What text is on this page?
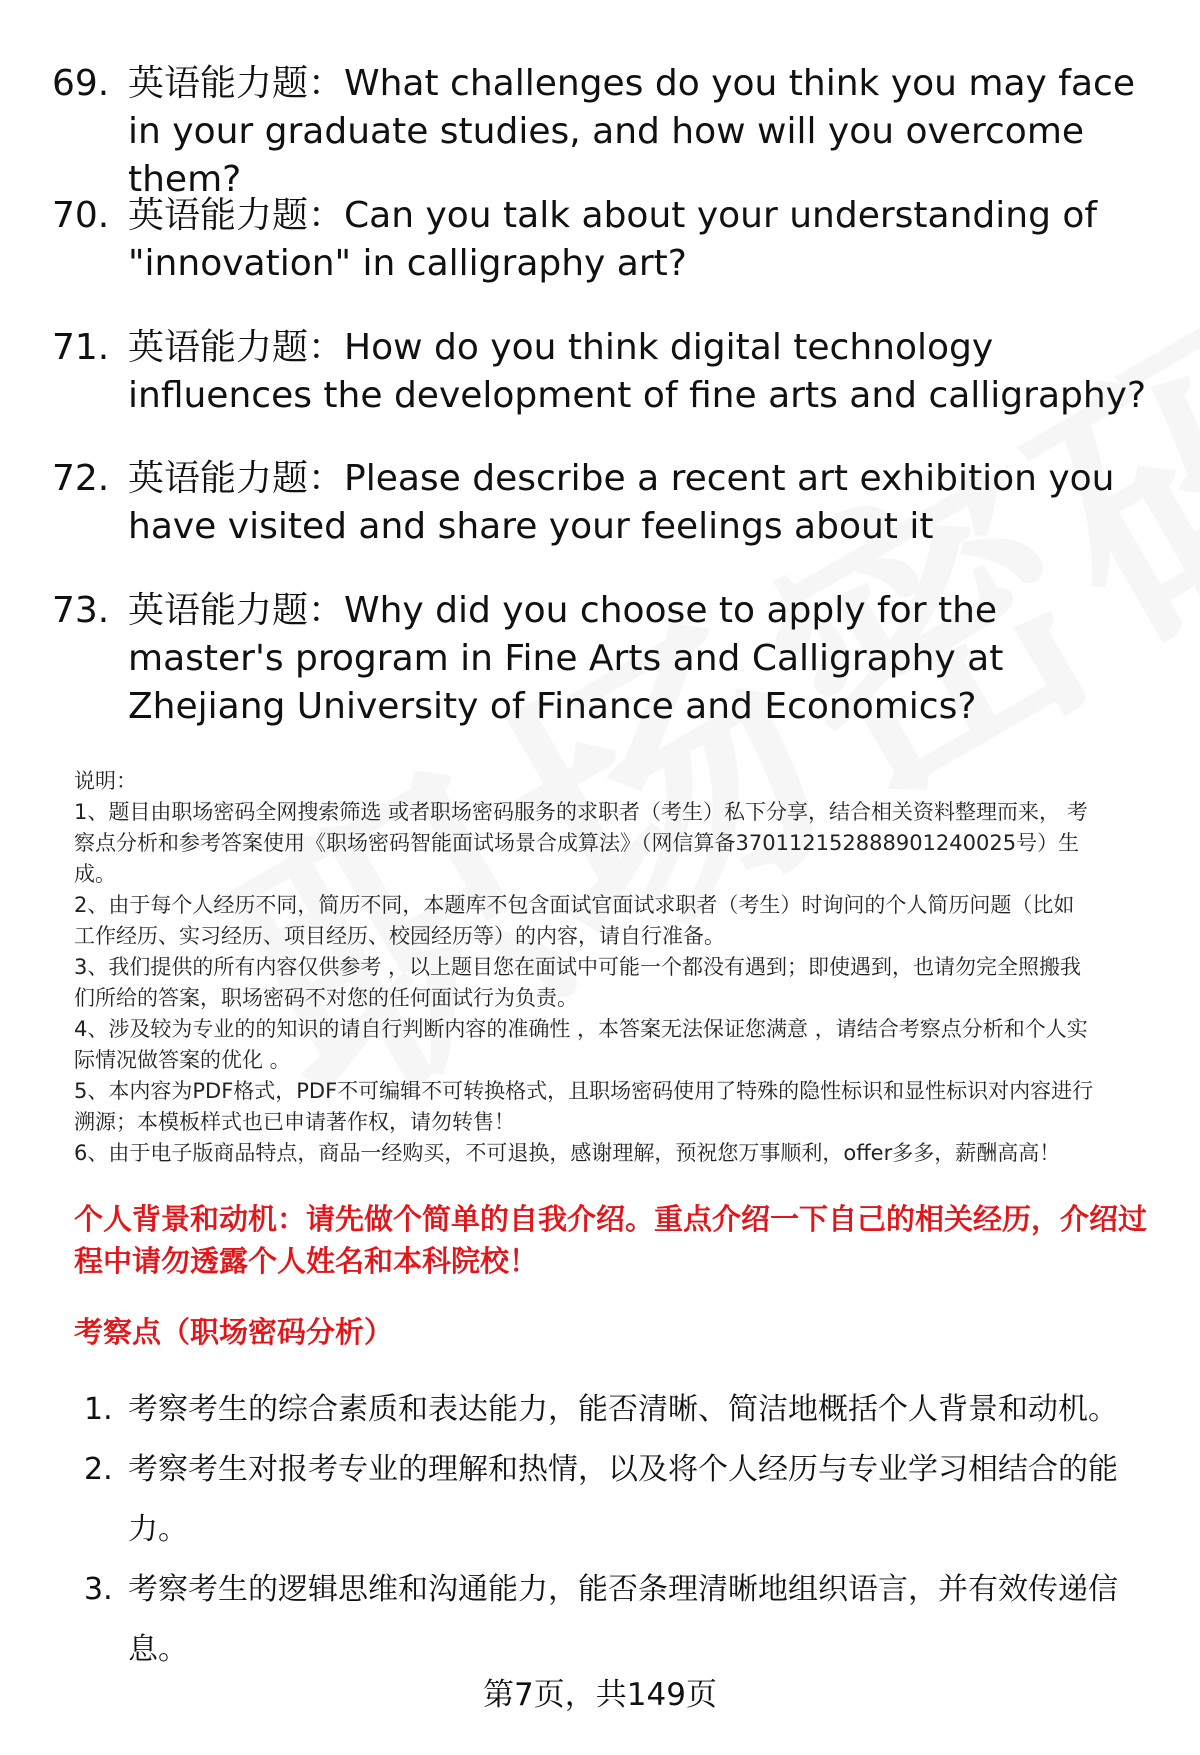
69. 英语能力题：What challenges do you think you may face in your graduate studies, and how will you overcome them?
70. 英语能力题：Can you talk about your understanding of "innovation" in calligraphy art?
71. 英语能力题：How do you think digital technology influences the development of fine arts and calligraphy?
72. 英语能力题：Please describe a recent art exhibition you have visited and share your feelings about it
73. 英语能力题：Why did you choose to apply for the master's program in Fine Arts and Calligraphy at Zhejiang University of Finance and Economics?
说明：
1、题目由职场密码全网搜索筛选 或者职场密码服务的求职者（考生）私下分享，结合相关资料整理而来， 考
察点分析和参考答案使用《职场密码智能面试场景合成算法》（网信算备370112152888901240025号）生
成。
2、由于每个人经历不同，简历不同，本题库不包含面试官面试求职者（考生）时询问的个人简历问题（比如
工作经历、实习经历、项目经历、校园经历等）的内容，请自行准备。
3、我们提供的所有内容仅供参考 ，以上题目您在面试中可能一个都没有遇到；即使遇到，也请勿完全照搬我
们所给的答案，职场密码不对您的任何面试行为负责。
4、涉及较为专业的的知识的请自行判断内容的准确性 ，本答案无法保证您满意 ，请结合考察点分析和个人实
际情况做答案的优化 。
5、本内容为PDF格式，PDF不可编辑不可转换格式，且职场密码使用了特殊的隐性标识和显性标识对内容进行
溯源；本模板样式也已申请著作权，请勿转售！
6、由于电子版商品特点，商品一经购买，不可退换，感谢理解，预祝您万事顺利，offer多多，薪酬高高！
个人背景和动机：请先做个简单的自我介绍。重点介绍一下自己的相关经历，介绍过程中请勿透露个人姓名和本科院校！
考察点（职场密码分析）
1. 考察考生的综合素质和表达能力，能否清晰、简洁地概括个人背景和动机。
2. 考察考生对报考专业的理解和热情，以及将个人经历与专业学习相结合的能力。
3. 考察考生的逻辑思维和沟通能力，能否条理清晰地组织语言，并有效传递信息。
第7页，共149页
